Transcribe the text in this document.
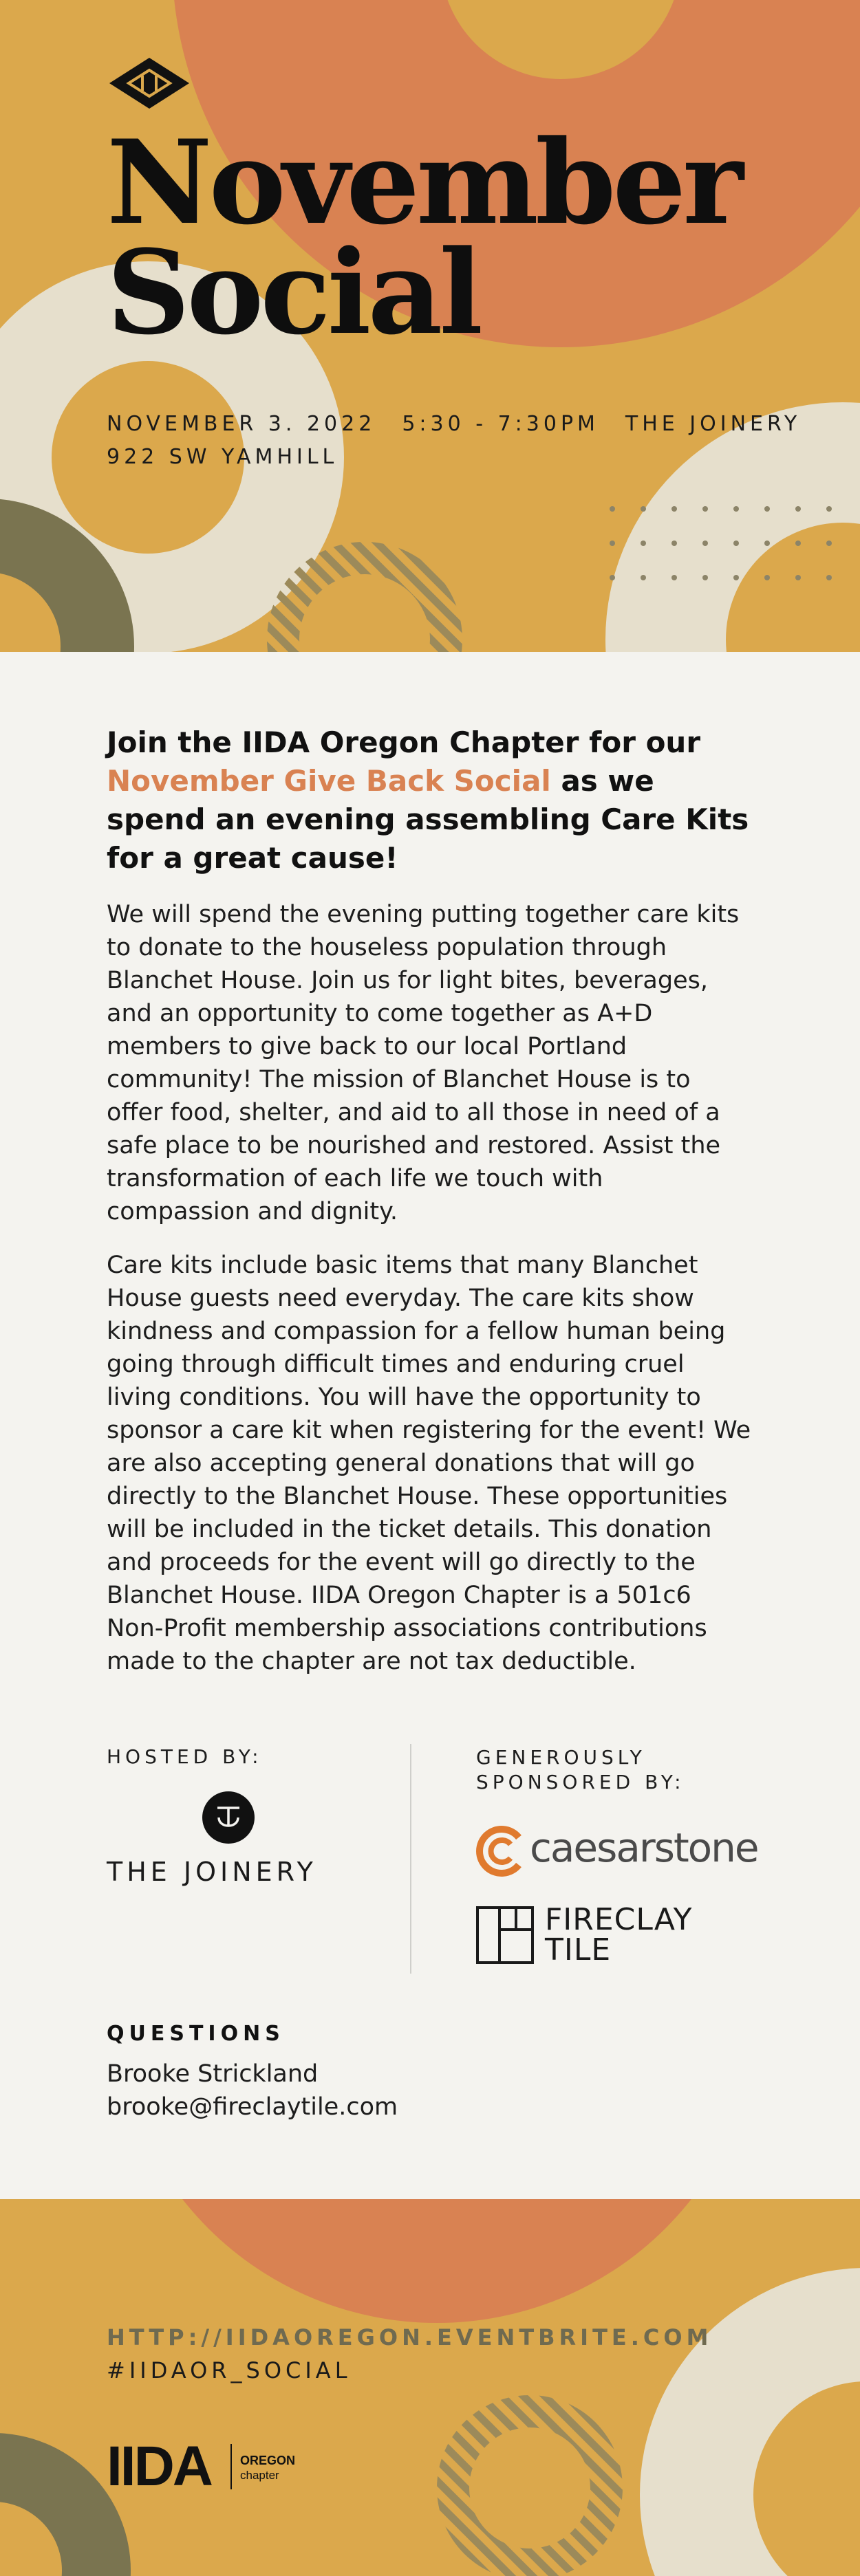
November
Social
NOVEMBER 3. 2022 5:30 - 7:30PM THE JOINERY
922 SW YAMHILL
Join the IIDA Oregon Chapter for our November Give Back Social as we spend an evening assembling Care Kits for a great cause!

We will spend the evening putting together care kits to donate to the houseless population through Blanchet House. Join us for light bites, beverages, and an opportunity to come together as A+D members to give back to our local Portland community! The mission of Blanchet House is to offer food, shelter, and aid to all those in need of a safe place to be nourished and restored. Assist the transformation of each life we touch with compassion and dignity.

Care kits include basic items that many Blanchet House guests need everyday. The care kits show kindness and compassion for a fellow human being going through difficult times and enduring cruel living conditions. You will have the opportunity to sponsor a care kit when registering for the event! We are also accepting general donations that will go directly to the Blanchet House. These opportunities will be included in the ticket details. This donation and proceeds for the event will go directly to the Blanchet House. IIDA Oregon Chapter is a 501c6 Non-Profit membership associations contributions made to the chapter are not tax deductible.

HOSTED BY:
THE JOINERY
GENEROUSLY
SPONSORED BY:
caesarstone
FIRECLAY
TILE
QUESTIONS
Brooke Strickland
brooke@fireclaytile.com
HTTP://IIDAOREGON.EVENTBRITE.COM
#IIDAOR_SOCIAL
IIDA OREGON
chapter
